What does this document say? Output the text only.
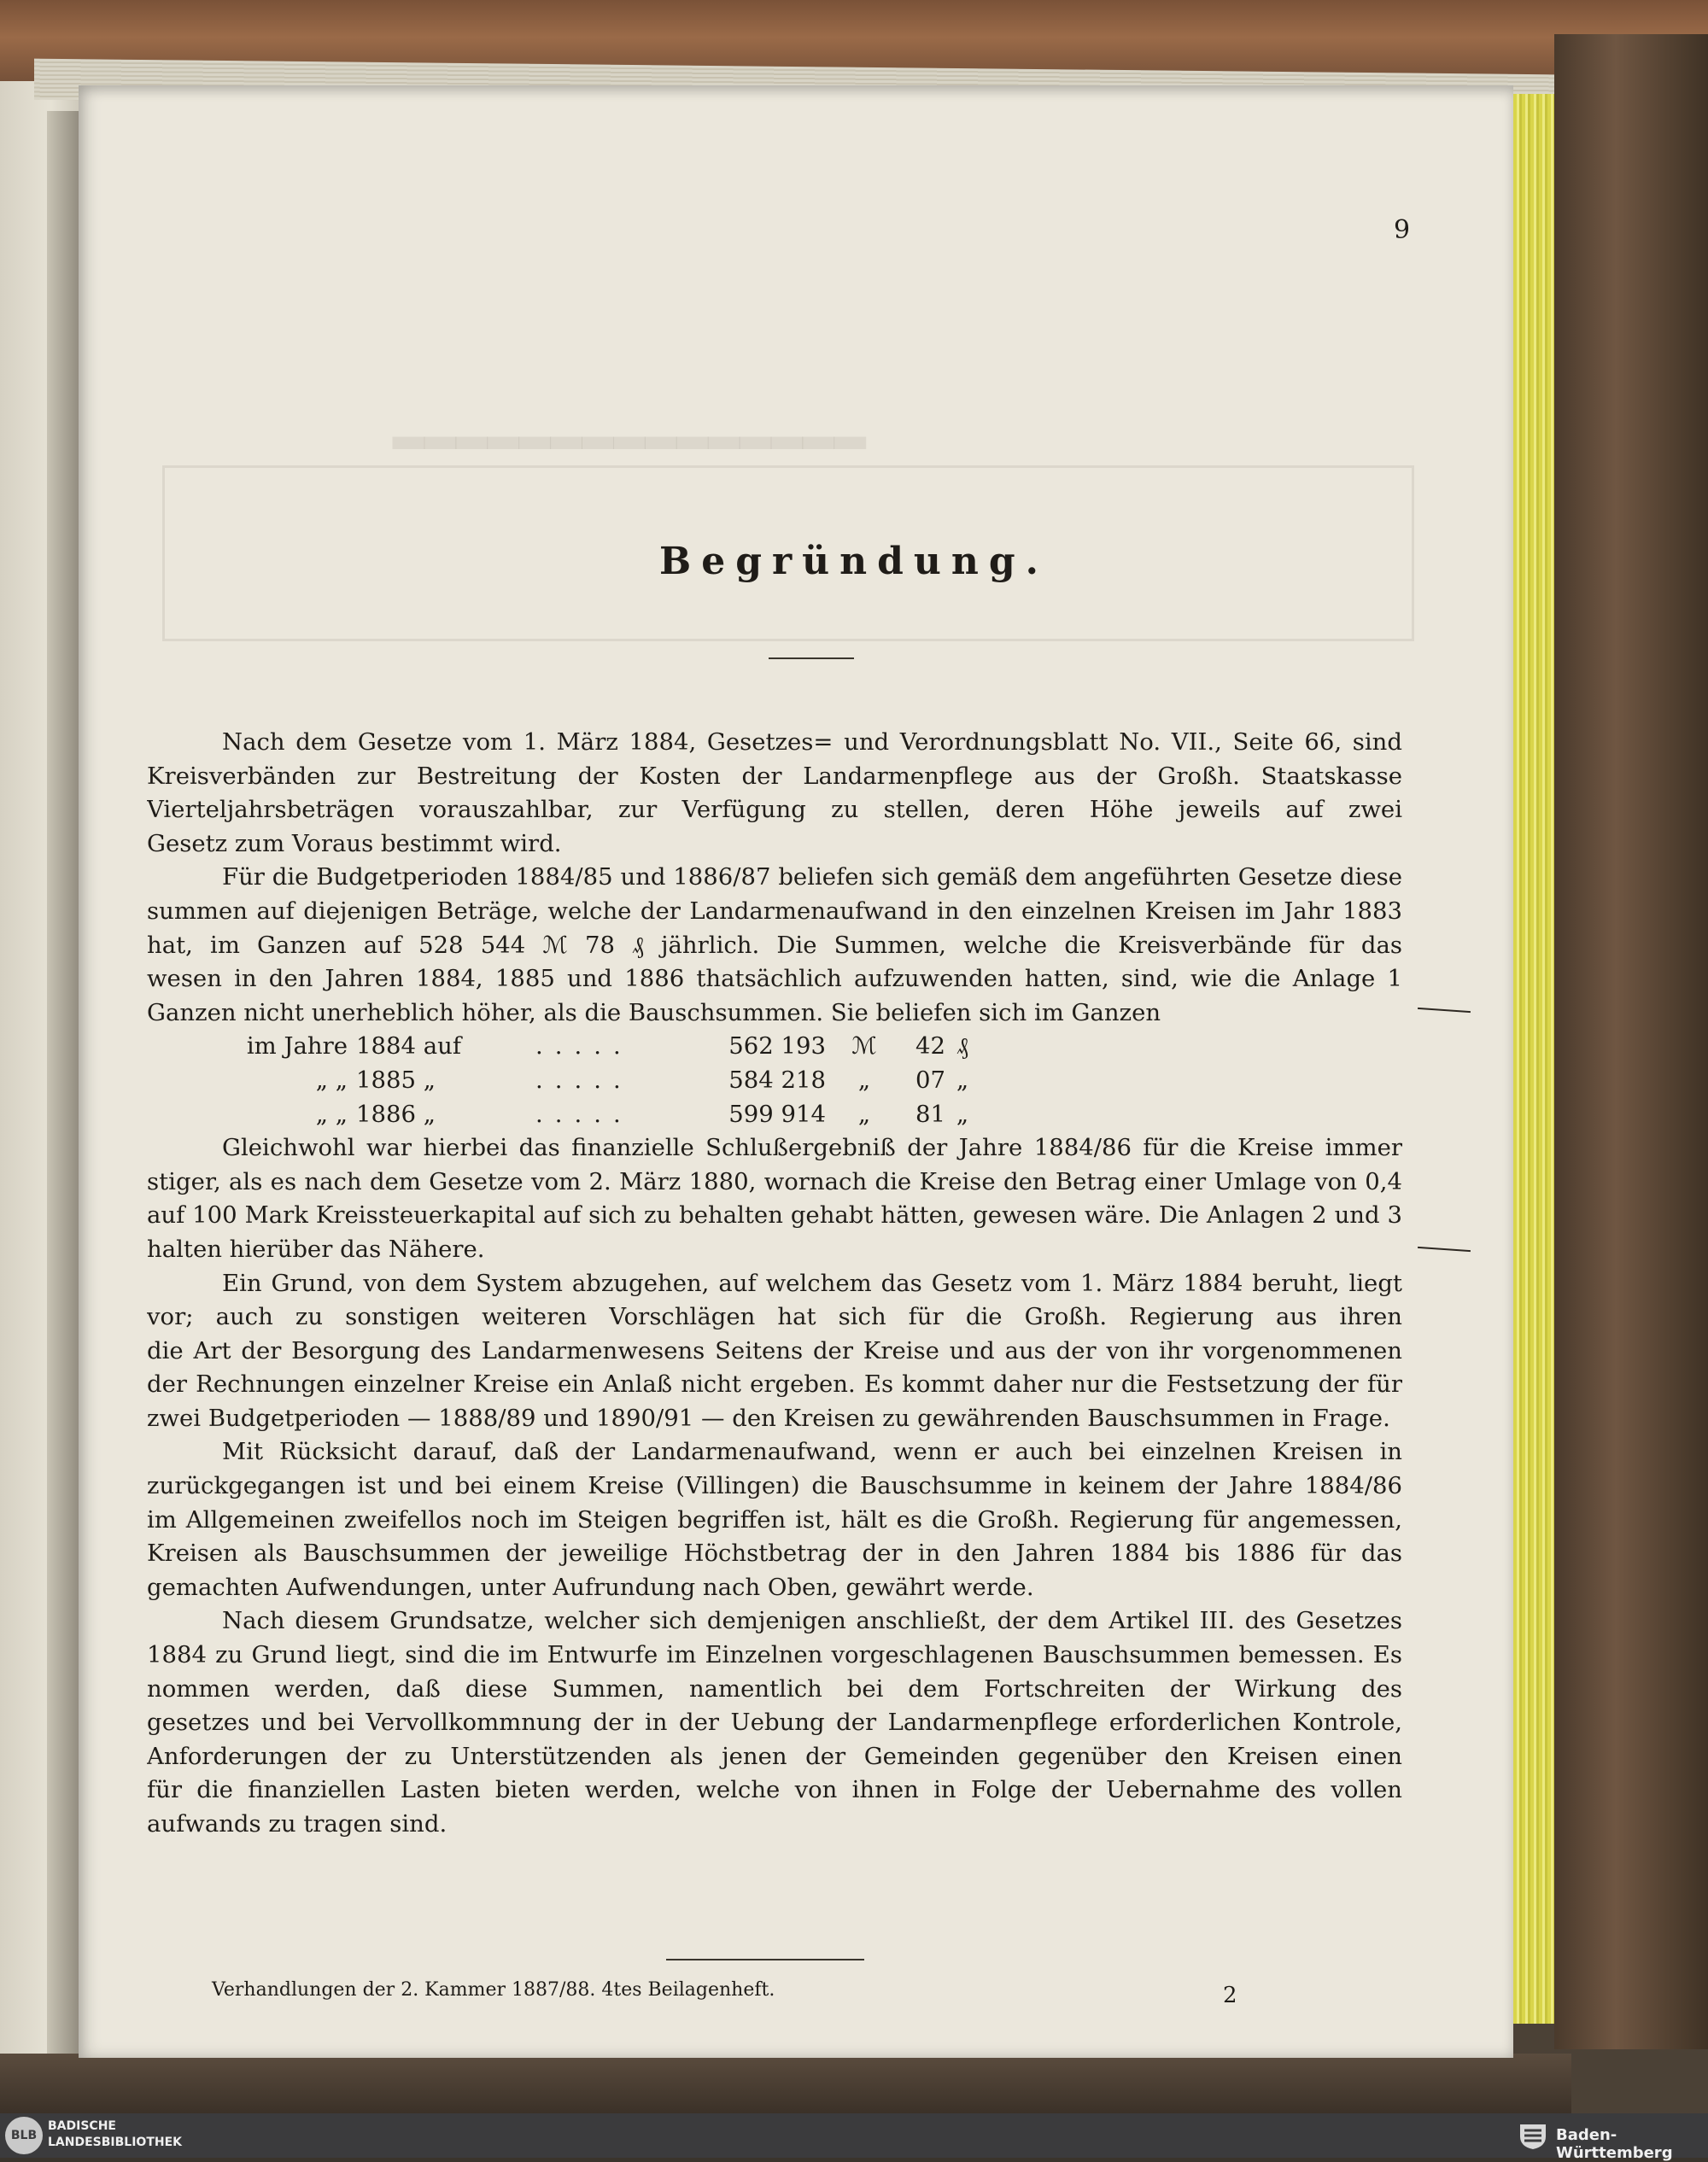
▂▂▂▂▂▂▂▂▂▂▂▂▂▂▂
9
Begründung.
Nach dem Gesetze vom 1. März 1884, Gesetzes= und Verordnungsblatt No. VII., Seite 66, sind
Kreisverbänden zur Bestreitung der Kosten der Landarmenpflege aus der Großh. Staatskasse
Vierteljahrsbeträgen vorauszahlbar, zur Verfügung zu stellen, deren Höhe jeweils auf zwei
Gesetz zum Voraus bestimmt wird.
Für die Budgetperioden 1884/85 und 1886/87 beliefen sich gemäß dem angeführten Gesetze diese
summen auf diejenigen Beträge, welche der Landarmenaufwand in den einzelnen Kreisen im Jahr 1883
hat, im Ganzen auf 528 544 ℳ 78 ₰ jährlich. Die Summen, welche die Kreisverbände für das
wesen in den Jahren 1884, 1885 und 1886 thatsächlich aufzuwenden hatten, sind, wie die Anlage 1
Ganzen nicht unerheblich höher, als die Bauschsummen. Sie beliefen sich im Ganzen
im Jahre 1884 auf	.....	562 193	ℳ	42 ₰
„ „ 1885 „	.....	584 218	„	07 „
„ „ 1886 „	.....	599 914	„	81 „
Gleichwohl war hierbei das finanzielle Schlußergebniß der Jahre 1884/86 für die Kreise immer
stiger, als es nach dem Gesetze vom 2. März 1880, wornach die Kreise den Betrag einer Umlage von 0,4
auf 100 Mark Kreissteuerkapital auf sich zu behalten gehabt hätten, gewesen wäre. Die Anlagen 2 und 3
halten hierüber das Nähere.
Ein Grund, von dem System abzugehen, auf welchem das Gesetz vom 1. März 1884 beruht, liegt
vor; auch zu sonstigen weiteren Vorschlägen hat sich für die Großh. Regierung aus ihren
die Art der Besorgung des Landarmenwesens Seitens der Kreise und aus der von ihr vorgenommenen
der Rechnungen einzelner Kreise ein Anlaß nicht ergeben. Es kommt daher nur die Festsetzung der für
zwei Budgetperioden — 1888/89 und 1890/91 — den Kreisen zu gewährenden Bauschsummen in Frage.
Mit Rücksicht darauf, daß der Landarmenaufwand, wenn er auch bei einzelnen Kreisen in
zurückgegangen ist und bei einem Kreise (Villingen) die Bauschsumme in keinem der Jahre 1884/86
im Allgemeinen zweifellos noch im Steigen begriffen ist, hält es die Großh. Regierung für angemessen,
Kreisen als Bauschsummen der jeweilige Höchstbetrag der in den Jahren 1884 bis 1886 für das
gemachten Aufwendungen, unter Aufrundung nach Oben, gewährt werde.
Nach diesem Grundsatze, welcher sich demjenigen anschließt, der dem Artikel III. des Gesetzes
1884 zu Grund liegt, sind die im Entwurfe im Einzelnen vorgeschlagenen Bauschsummen bemessen. Es
nommen werden, daß diese Summen, namentlich bei dem Fortschreiten der Wirkung des
gesetzes und bei Vervollkommnung der in der Uebung der Landarmenpflege erforderlichen Kontrole,
Anforderungen der zu Unterstützenden als jenen der Gemeinden gegenüber den Kreisen einen
für die finanziellen Lasten bieten werden, welche von ihnen in Folge der Uebernahme des vollen
aufwands zu tragen sind.
Verhandlungen der 2. Kammer 1887/88. 4tes Beilagenheft.	2
BLB
BADISCHE
LANDESBIBLIOTHEK	Baden-Württemberg
